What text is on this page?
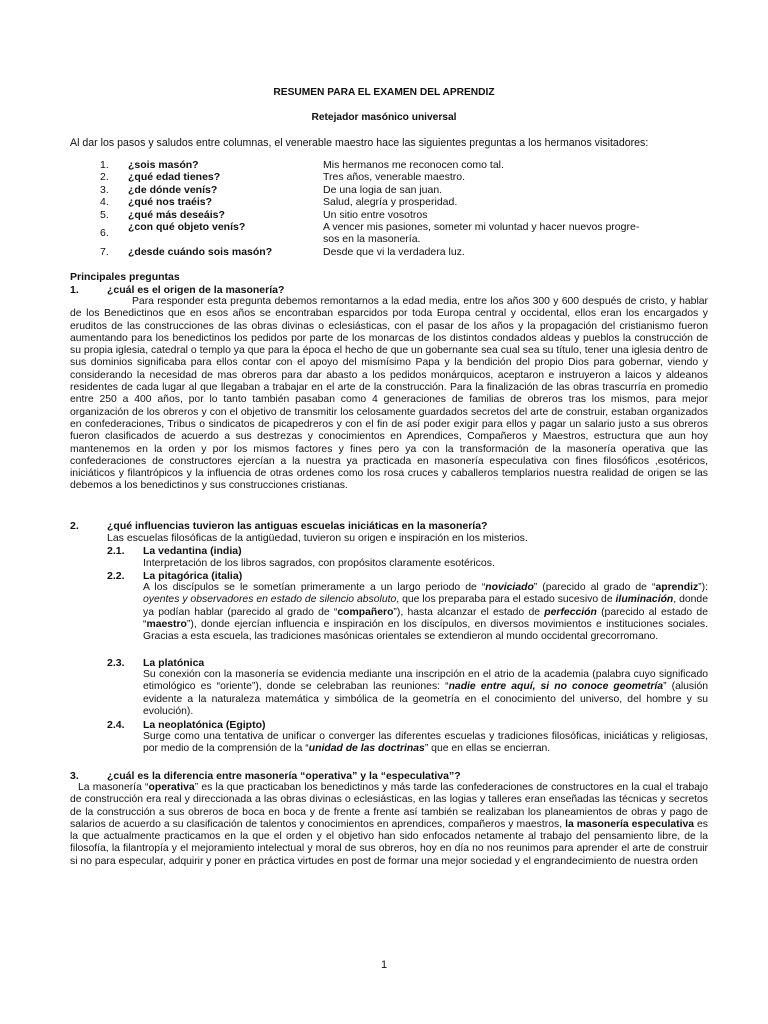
RESUMEN PARA EL EXAMEN DEL APRENDIZ
Retejador masónico universal
Al dar los pasos y saludos entre columnas, el venerable maestro hace las siguientes preguntas a los hermanos visitadores:
1.	¿sois masón?	Mis hermanos me reconocen como tal.
2.	¿qué edad tienes?	Tres años, venerable maestro.
3.	¿de dónde venís?	De una logia de san juan.
4.	¿qué nos traéis?	Salud, alegría y prosperidad.
5.	¿qué más deseáis?	Un sitio entre vosotros
6.	¿con qué objeto venís?	A vencer mis pasiones, someter mi voluntad y hacer nuevos progre-
sos en la masonería.
7.	¿desde cuándo sois masón?	Desde que vi la verdadera luz.
Principales preguntas
1.	¿cuál es el origen de la masonería?
Para responder esta pregunta debemos remontarnos a la edad media, entre los años 300 y 600 después de cristo, y hablar de los Benedictinos que en esos años se encontraban esparcidos por toda Europa central y occidental, ellos eran los encargados y eruditos de las construcciones de las obras divinas o eclesiásticas, con el pasar de los años y la propagación del cristianismo fueron aumentando para los benedictinos los pedidos por parte de los monarcas de los distintos condados aldeas y pueblos la construcción de su propia iglesia, catedral o templo ya que para la época el hecho de que un gobernante sea cual sea su título, tener una iglesia dentro de sus dominios significaba para ellos contar con el apoyo del mismísimo Papa y la bendición del propio Dios para gobernar, viendo y considerando la necesidad de mas obreros para dar abasto a los pedidos monárquicos, aceptaron e instruyeron a laicos y aldeanos residentes de cada lugar al que llegaban a trabajar en el arte de la construcción. Para la finalización de las obras trascurría en promedio entre 250 a 400 años, por lo tanto también pasaban como 4 generaciones de familias de obreros tras los mismos, para mejor organización de los obreros y con el objetivo de transmitir los celosamente guardados secretos del arte de construir, estaban organizados en confederaciones, Tribus o sindicatos de picapedreros y con el fin de así poder exigir para ellos y pagar un salario justo a sus obreros fueron clasificados de acuerdo a sus destrezas y conocimientos en Aprendices, Compañeros y Maestros, estructura que aun hoy mantenemos en la orden y por los mismos factores y fines pero ya con la transformación de la masonería operativa que las confederaciones de constructores ejercían a la nuestra ya practicada en masonería especulativa con fines filosóficos ,esotéricos, iniciáticos y filantrópicos y la influencia de otras ordenes como los rosa cruces y caballeros templarios nuestra realidad de origen se las debemos a los benedictinos y sus construcciones cristianas.
2.	¿qué influencias tuvieron las antiguas escuelas iniciáticas en la masonería?
Las escuelas filosóficas de la antigüedad, tuvieron su origen e inspiración en los misterios.
2.1. La vedantina (india)
Interpretación de los libros sagrados, con propósitos claramente esotéricos.
2.2. La pitagórica (italia)
A los discípulos se le sometían primeramente a un largo periodo de “noviciado” (parecido al grado de “aprendiz”): oyentes y observadores en estado de silencio absoluto, que los preparaba para el estado sucesivo de iluminación, donde ya podían hablar (parecido al grado de “compañero”), hasta alcanzar el estado de perfección (parecido al estado de “maestro”), donde ejercían influencia e inspiración en los discípulos, en diversos movimientos e instituciones sociales. Gracias a esta escuela, las tradiciones masónicas orientales se extendieron al mundo occidental grecorromano.
2.3. La platónica
Su conexión con la masonería se evidencia mediante una inscripción en el atrio de la academia (palabra cuyo significado etimológico es “oriente”), donde se celebraban las reuniones: “nadie entre aquí, si no conoce geometría” (alusión evidente a la naturaleza matemática y simbólica de la geometría en el conocimiento del universo, del hombre y su evolución).
2.4. La neoplatónica (Egipto)
Surge como una tentativa de unificar o converger las diferentes escuelas y tradiciones filosóficas, iniciáticas y religiosas, por medio de la comprensión de la “unidad de las doctrinas” que en ellas se encierran.
3.	¿cuál es la diferencia entre masonería “operativa” y la “especulativa”?
La masonería “operativa” es la que practicaban los benedictinos y más tarde las confederaciones de constructores en la cual el trabajo de construcción era real y direccionada a las obras divinas o eclesiásticas, en las logias y talleres eran enseñadas las técnicas y secretos de la construcción a sus obreros de boca en boca y de frente a frente así también se realizaban los planeamientos de obras y pago de salarios de acuerdo a su clasificación de talentos y conocimientos en aprendices, compañeros y maestros, la masonería especulativa es la que actualmente practicamos en la que el orden y el objetivo han sido enfocados netamente al trabajo del pensamiento libre, de la filosofía, la filantropía y el mejoramiento intelectual y moral de sus obreros, hoy en día no nos reunimos para aprender el arte de construir si no para especular, adquirir y poner en práctica virtudes en post de formar una mejor sociedad y el engrandecimiento de nuestra orden
1
